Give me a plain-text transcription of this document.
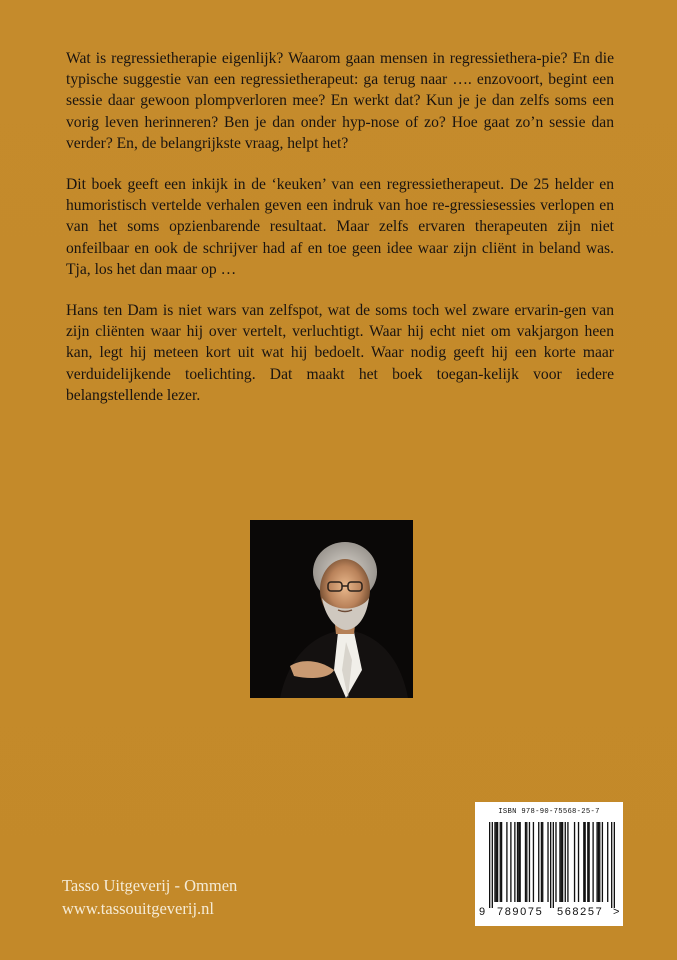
Wat is regressietherapie eigenlijk? Waarom gaan mensen in regressiethera-pie? En die typische suggestie van een regressietherapeut: ga terug naar …. enzovoort, begint een sessie daar gewoon plompverloren mee? En werkt dat? Kun je je dan zelfs soms een vorig leven herinneren? Ben je dan onder hyp-nose of zo? Hoe gaat zo’n sessie dan verder? En, de belangrijkste vraag, helpt het?

Dit boek geeft een inkijk in de ‘keuken’ van een regressietherapeut. De 25 helder en humoristisch vertelde verhalen geven een indruk van hoe re-gressiesessies verlopen en van het soms opzienbarende resultaat. Maar zelfs ervaren therapeuten zijn niet onfeilbaar en ook de schrijver had af en toe geen idee waar zijn cliënt in beland was. Tja, los het dan maar op …

Hans ten Dam is niet wars van zelfspot, wat de soms toch wel zware ervarin-gen van zijn cliënten waar hij over vertelt, verluchtigt. Waar hij echt niet om vakjargon heen kan, legt hij meteen kort uit wat hij bedoelt. Waar nodig geeft hij een korte maar verduidelijkende toelichting. Dat maakt het boek toegan-kelijk voor iedere belangstellende lezer.

Tasso Uitgeverij - Ommen
www.tassouitgeverij.nl
ISBN 978-90-75568-25-7
9 789075 568257 >
